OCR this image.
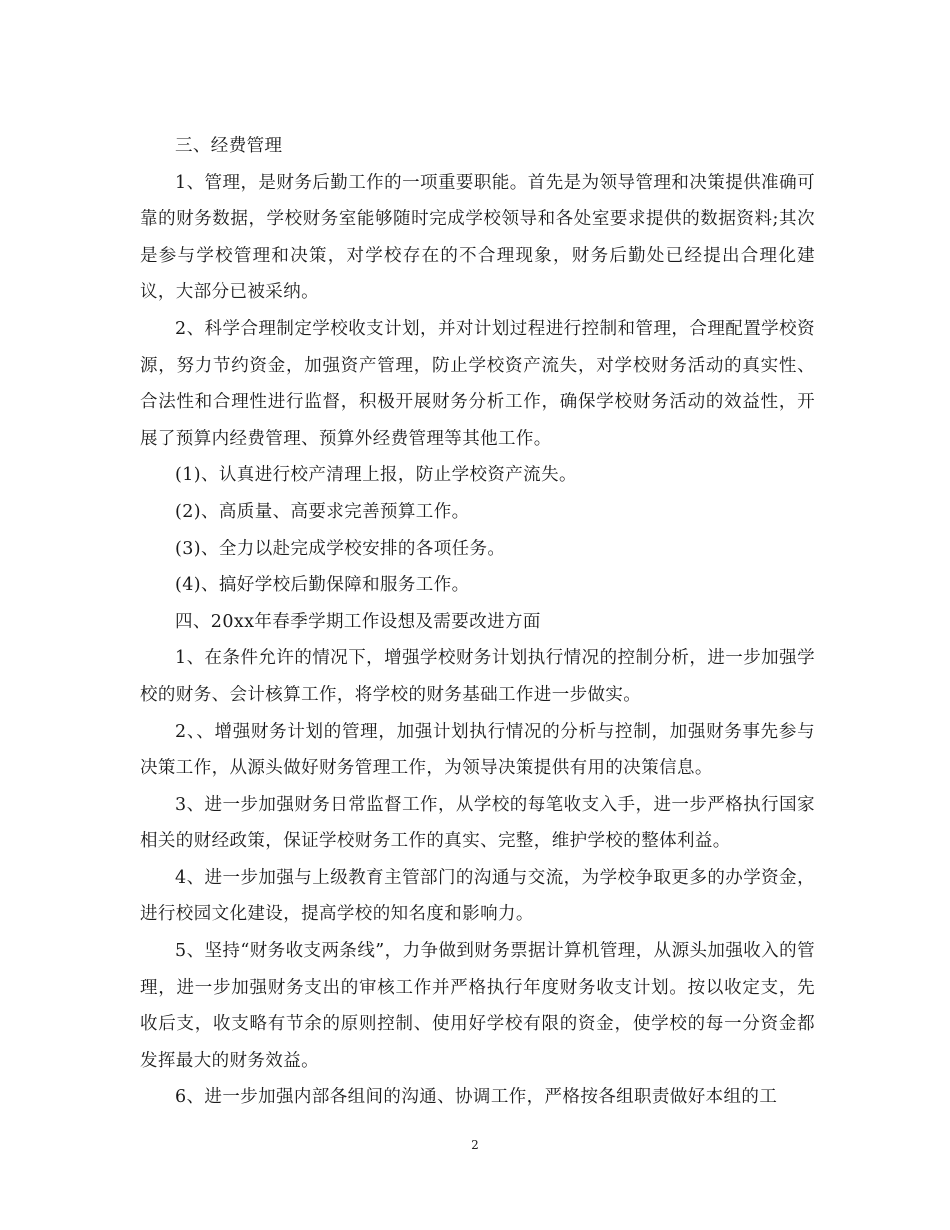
三、经费管理

1、管理，是财务后勤工作的一项重要职能。首先是为领导管理和决策提供准确可靠的财务数据，学校财务室能够随时完成学校领导和各处室要求提供的数据资料;其次是参与学校管理和决策，对学校存在的不合理现象，财务后勤处已经提出合理化建议，大部分已被采纳。

2、科学合理制定学校收支计划，并对计划过程进行控制和管理，合理配置学校资源，努力节约资金，加强资产管理，防止学校资产流失，对学校财务活动的真实性、合法性和合理性进行监督，积极开展财务分析工作，确保学校财务活动的效益性，开展了预算内经费管理、预算外经费管理等其他工作。

(1)、认真进行校产清理上报，防止学校资产流失。

(2)、高质量、高要求完善预算工作。

(3)、全力以赴完成学校安排的各项任务。

(4)、搞好学校后勤保障和服务工作。

四、20xx年春季学期工作设想及需要改进方面

1、在条件允许的情况下，增强学校财务计划执行情况的控制分析，进一步加强学校的财务、会计核算工作，将学校的财务基础工作进一步做实。

2、、增强财务计划的管理，加强计划执行情况的分析与控制，加强财务事先参与决策工作，从源头做好财务管理工作，为领导决策提供有用的决策信息。

3、进一步加强财务日常监督工作，从学校的每笔收支入手，进一步严格执行国家相关的财经政策，保证学校财务工作的真实、完整，维护学校的整体利益。

4、进一步加强与上级教育主管部门的沟通与交流，为学校争取更多的办学资金，进行校园文化建设，提高学校的知名度和影响力。

5、坚持“财务收支两条线”，力争做到财务票据计算机管理，从源头加强收入的管理，进一步加强财务支出的审核工作并严格执行年度财务收支计划。按以收定支，先收后支，收支略有节余的原则控制、使用好学校有限的资金，使学校的每一分资金都发挥最大的财务效益。

6、进一步加强内部各组间的沟通、协调工作，严格按各组职责做好本组的工

2
